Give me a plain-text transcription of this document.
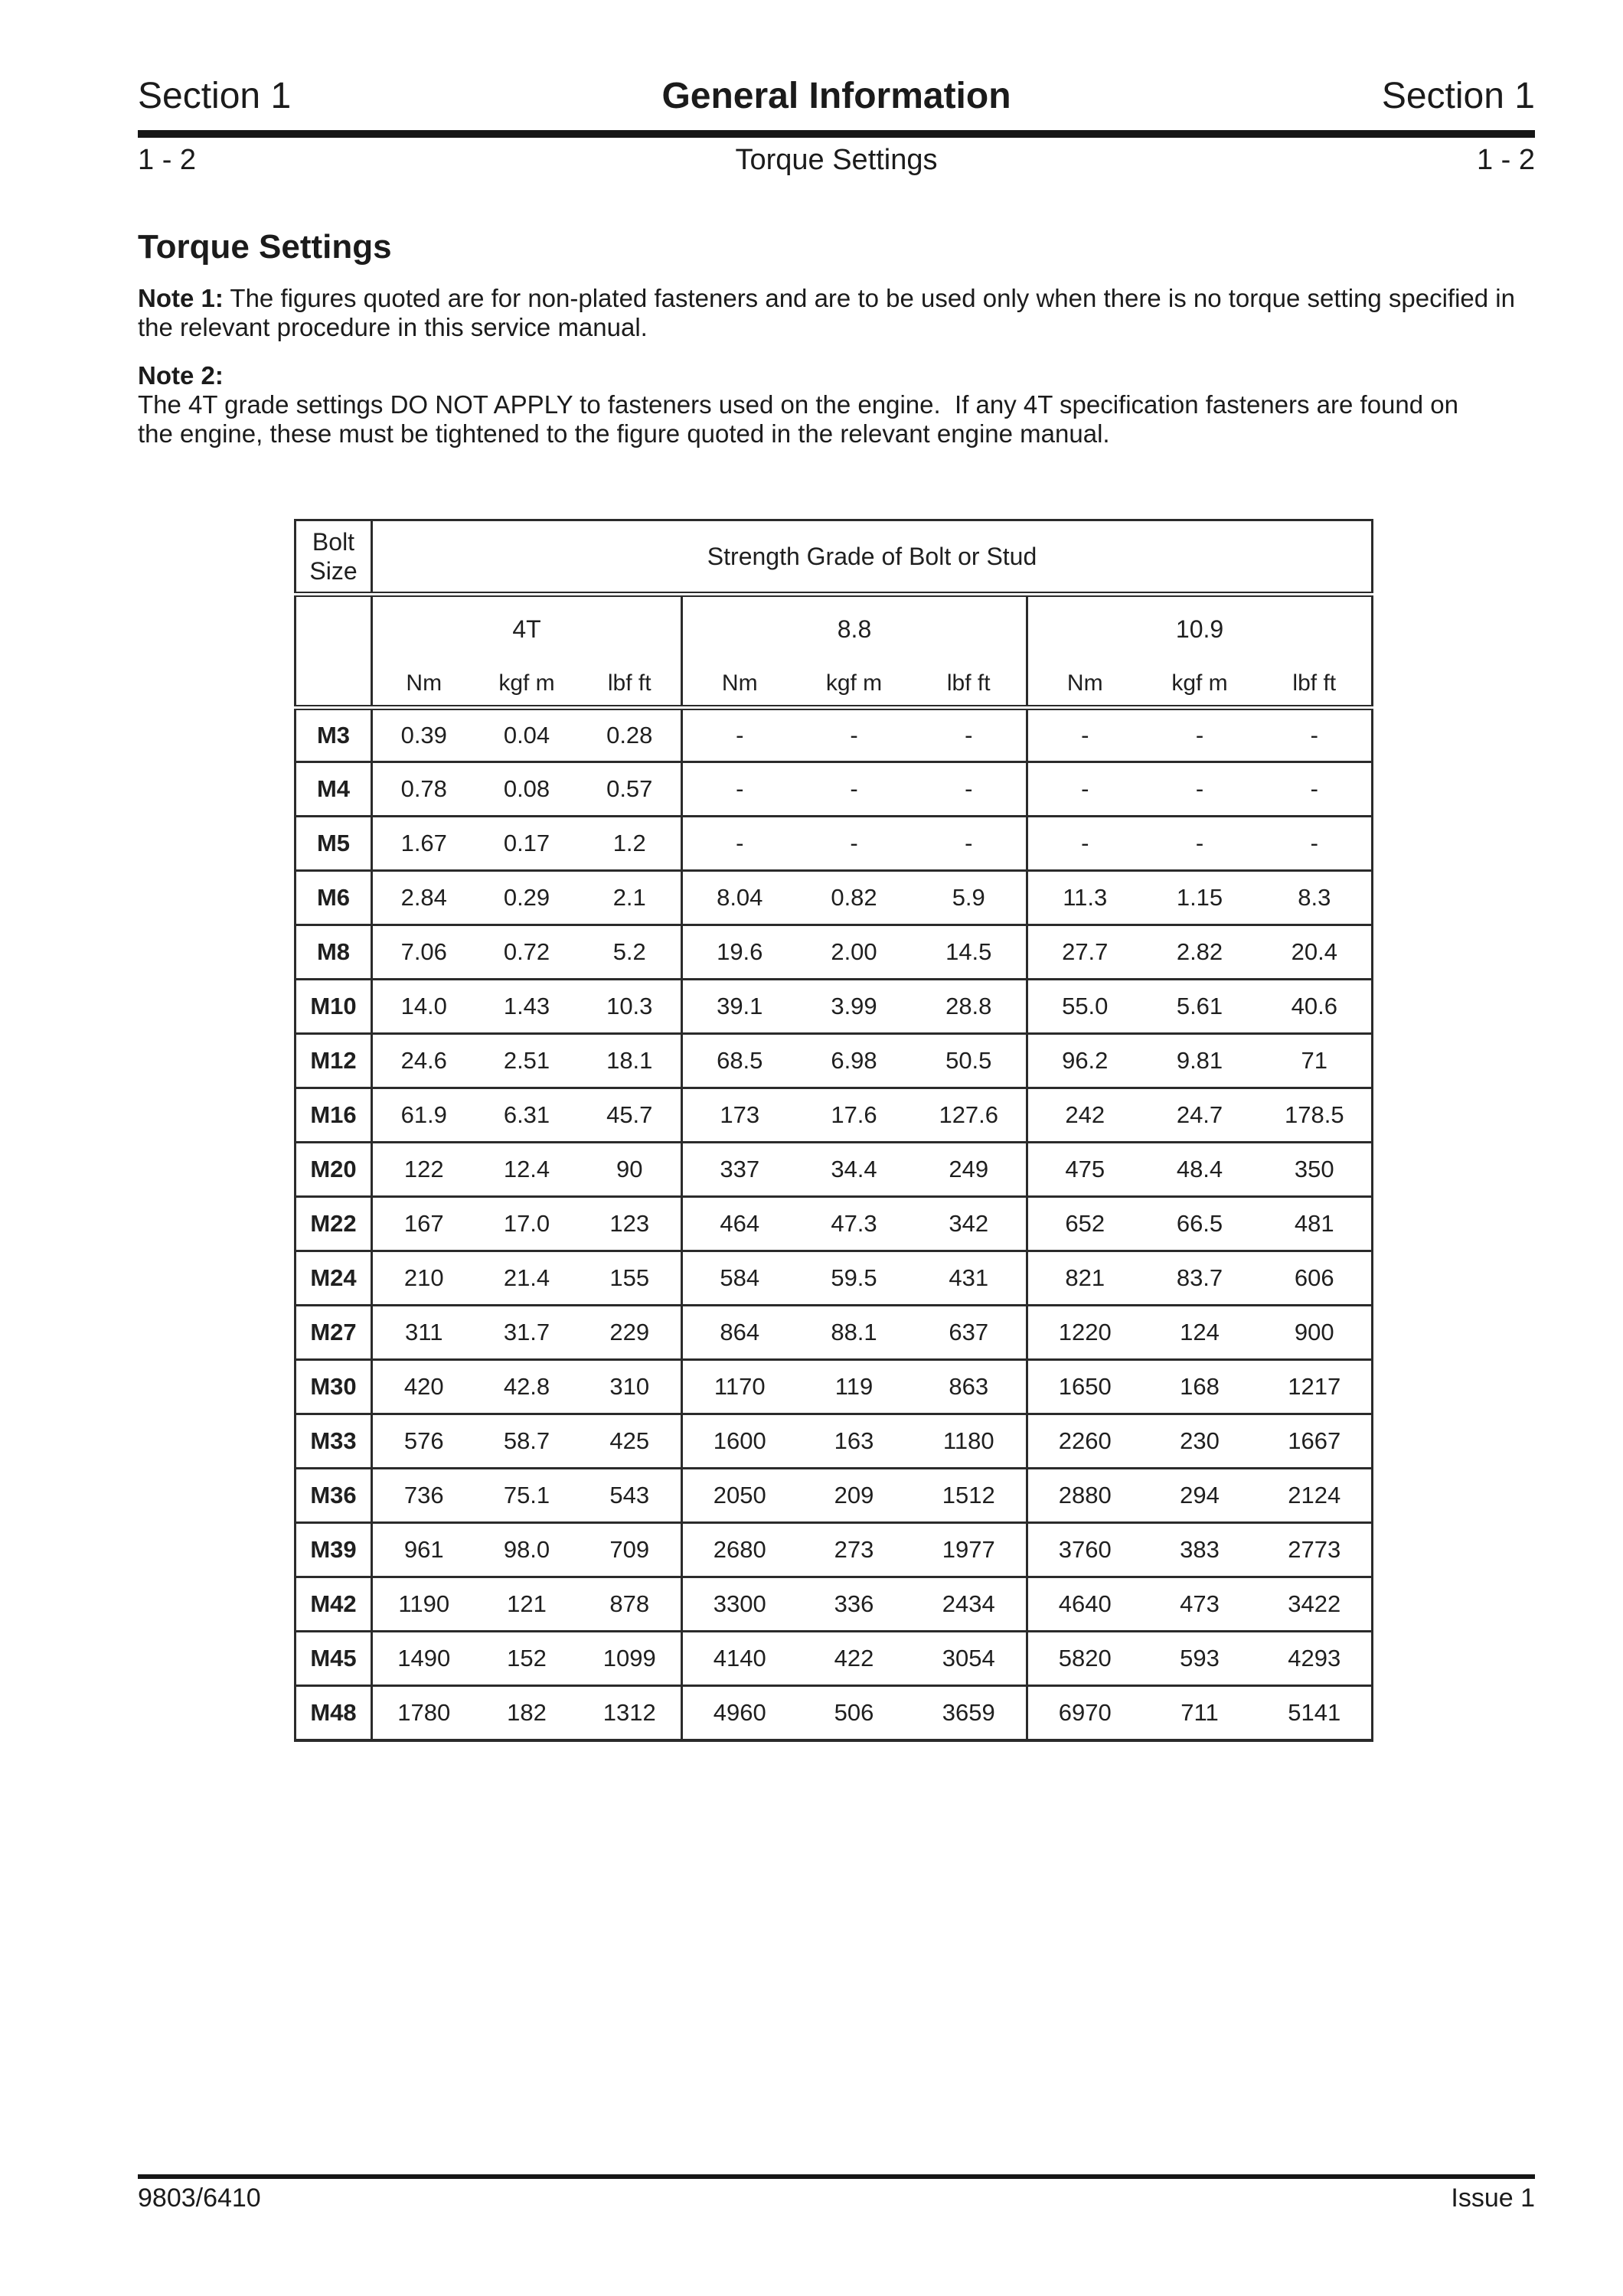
Section 1	General Information	Section 1
1 - 2	Torque Settings	1 - 2
Torque Settings

Note 1: The figures quoted are for non-plated fasteners and are to be used only when there is no torque setting specified in
the relevant procedure in this service manual.

Note 2: The 4T grade settings DO NOT APPLY to fasteners used on the engine.  If any 4T specification fasteners are found on
the engine, these must be tightened to the figure quoted in the relevant engine manual.

Bolt
Size	Strength Grade of Bolt or Stud								
	4T			8.8			10.9		
	Nm	kgf m	lbf ft	Nm	kgf m	lbf ft	Nm	kgf m	lbf ft
M3	0.39	0.04	0.28	-	-	-	-	-	-
M4	0.78	0.08	0.57	-	-	-	-	-	-
M5	1.67	0.17	1.2	-	-	-	-	-	-
M6	2.84	0.29	2.1	8.04	0.82	5.9	11.3	1.15	8.3
M8	7.06	0.72	5.2	19.6	2.00	14.5	27.7	2.82	20.4
M10	14.0	1.43	10.3	39.1	3.99	28.8	55.0	5.61	40.6
M12	24.6	2.51	18.1	68.5	6.98	50.5	96.2	9.81	71
M16	61.9	6.31	45.7	173	17.6	127.6	242	24.7	178.5
M20	122	12.4	90	337	34.4	249	475	48.4	350
M22	167	17.0	123	464	47.3	342	652	66.5	481
M24	210	21.4	155	584	59.5	431	821	83.7	606
M27	311	31.7	229	864	88.1	637	1220	124	900
M30	420	42.8	310	1170	119	863	1650	168	1217
M33	576	58.7	425	1600	163	1180	2260	230	1667
M36	736	75.1	543	2050	209	1512	2880	294	2124
M39	961	98.0	709	2680	273	1977	3760	383	2773
M42	1190	121	878	3300	336	2434	4640	473	3422
M45	1490	152	1099	4140	422	3054	5820	593	4293
M48	1780	182	1312	4960	506	3659	6970	711	5141
9803/6410	Issue 1
